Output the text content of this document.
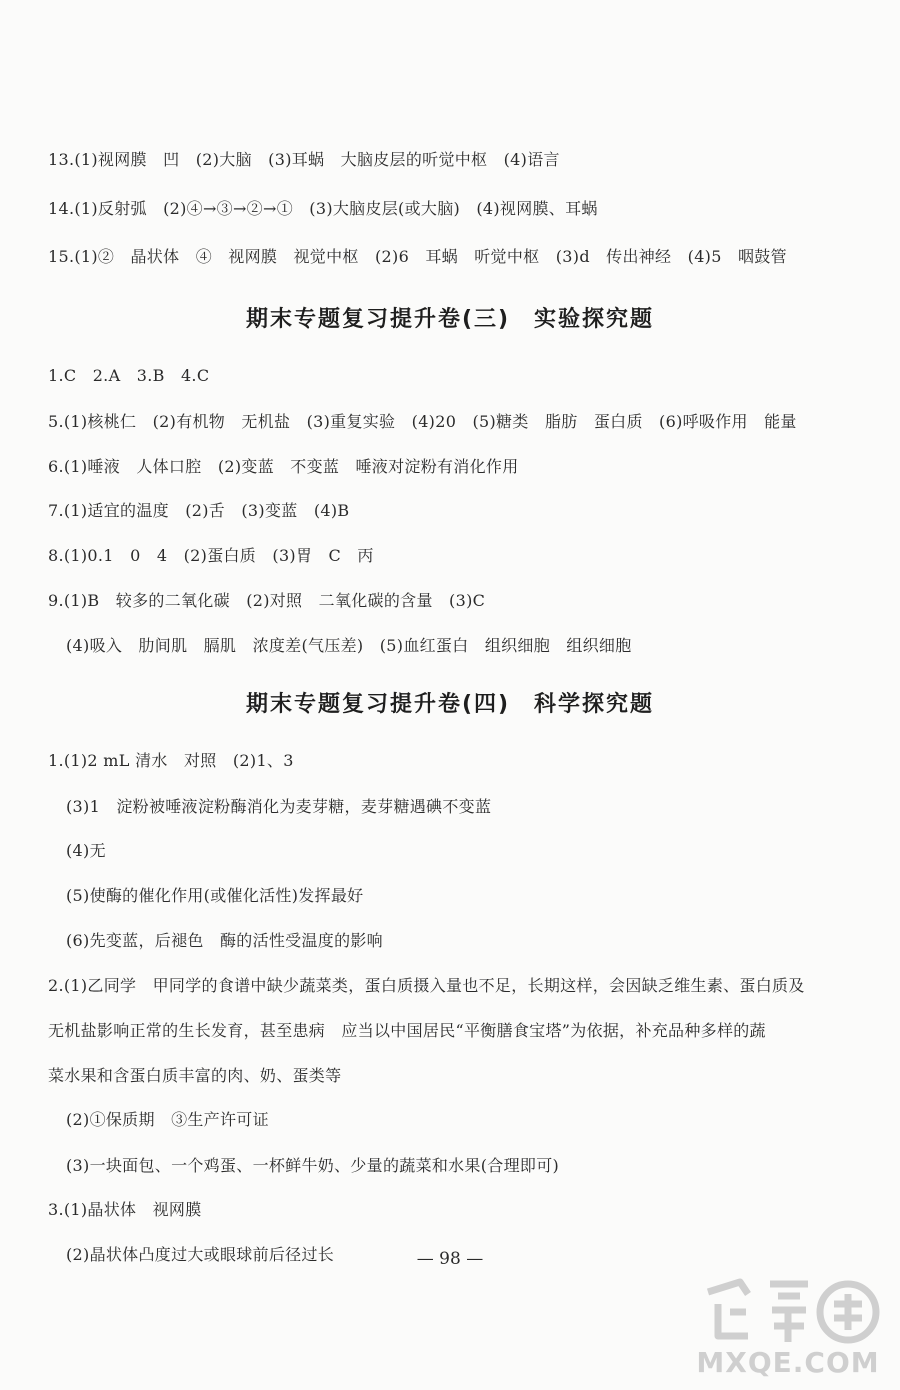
13.(1)视网膜　凹　(2)大脑　(3)耳蜗　大脑皮层的听觉中枢　(4)语言
14.(1)反射弧　(2)④→③→②→①　(3)大脑皮层(或大脑)　(4)视网膜、耳蜗
15.(1)②　晶状体　④　视网膜　视觉中枢　(2)6　耳蜗　听觉中枢　(3)d　传出神经　(4)5　咽鼓管
期末专题复习提升卷(三)　实验探究题
1.C　2.A　3.B　4.C
5.(1)核桃仁　(2)有机物　无机盐　(3)重复实验　(4)20　(5)糖类　脂肪　蛋白质　(6)呼吸作用　能量
6.(1)唾液　人体口腔　(2)变蓝　不变蓝　唾液对淀粉有消化作用
7.(1)适宜的温度　(2)舌　(3)变蓝　(4)B
8.(1)0.1　0　4　(2)蛋白质　(3)胃　C　丙
9.(1)B　较多的二氧化碳　(2)对照　二氧化碳的含量　(3)C
(4)吸入　肋间肌　膈肌　浓度差(气压差)　(5)血红蛋白　组织细胞　组织细胞
期末专题复习提升卷(四)　科学探究题
1.(1)2 mL 清水　对照　(2)1、3
(3)1　淀粉被唾液淀粉酶消化为麦芽糖，麦芽糖遇碘不变蓝
(4)无
(5)使酶的催化作用(或催化活性)发挥最好
(6)先变蓝，后褪色　酶的活性受温度的影响
2.(1)乙同学　甲同学的食谱中缺少蔬菜类，蛋白质摄入量也不足，长期这样，会因缺乏维生素、蛋白质及
无机盐影响正常的生长发育，甚至患病　应当以中国居民“平衡膳食宝塔”为依据，补充品种多样的蔬
菜水果和含蛋白质丰富的肉、奶、蛋类等
(2)①保质期　③生产许可证
(3)一块面包、一个鸡蛋、一杯鲜牛奶、少量的蔬菜和水果(合理即可)
3.(1)晶状体　视网膜
(2)晶状体凸度过大或眼球前后径过长	— 98 —
MXQE.COM
